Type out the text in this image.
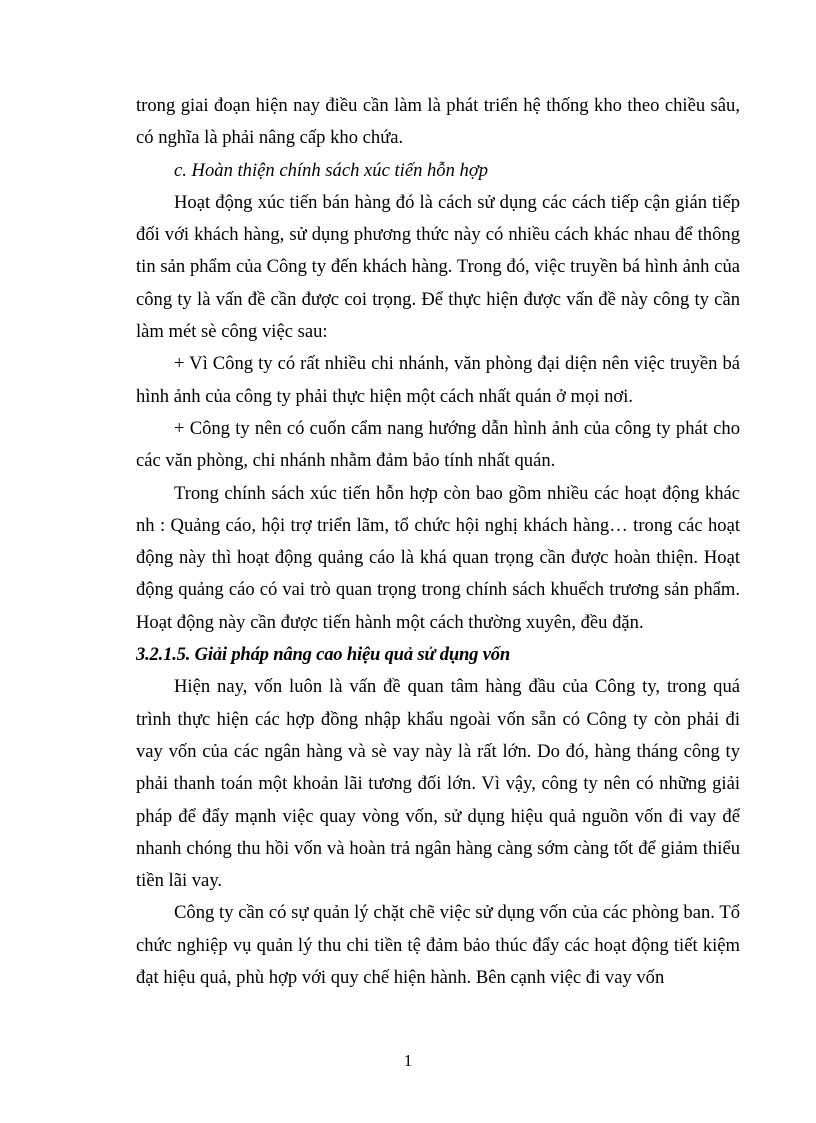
trong giai đoạn hiện nay điều cần làm là phát triển hệ thống kho theo chiều sâu, có nghĩa là phải nâng cấp kho chứa.

c. Hoàn thiện chính sách xúc tiến hỗn hợp

Hoạt động xúc tiến bán hàng đó là cách sử dụng các cách tiếp cận gián tiếp đối với khách hàng, sử dụng phương thức này có nhiều cách khác nhau để thông tin sản phẩm của Công ty đến khách hàng. Trong đó, việc truyền bá hình ảnh của công ty là vấn đề cần được coi trọng. Để thực hiện được vấn đề này công ty cần làm mét sè công việc sau:

+ Vì Công ty có rất nhiều chi nhánh, văn phòng đại diện nên việc truyền bá hình ảnh của công ty phải thực hiện một cách nhất quán ở mọi nơi.

+ Công ty nên có cuốn cẩm nang hướng dẫn hình ảnh của công ty phát cho các văn phòng, chi nhánh nhằm đảm bảo tính nhất quán.

Trong chính sách xúc tiến hỗn hợp còn bao gồm nhiều các hoạt động khác nh : Quảng cáo, hội trợ triển lãm, tổ chức hội nghị khách hàng… trong các hoạt động này thì hoạt động quảng cáo là khá quan trọng cần được hoàn thiện. Hoạt động quảng cáo có vai trò quan trọng trong chính sách khuếch trương sản phẩm. Hoạt động này cần được tiến hành một cách thường xuyên, đều đặn.

3.2.1.5. Giải pháp nâng cao hiệu quả sử dụng vốn

Hiện nay, vốn luôn là vấn đề quan tâm hàng đầu của Công ty, trong quá trình thực hiện các hợp đồng nhập khẩu ngoài vốn sẵn có Công ty còn phải đi vay vốn của các ngân hàng và sè vay này là rất lớn. Do đó, hàng tháng công ty phải thanh toán một khoản lãi tương đối lớn. Vì vậy, công ty nên có những giải pháp để đẩy mạnh việc quay vòng vốn, sử dụng hiệu quả nguồn vốn đi vay để nhanh chóng thu hồi vốn và hoàn trả ngân hàng càng sớm càng tốt để giảm thiểu tiền lãi vay.

Công ty cần có sự quản lý chặt chẽ việc sử dụng vốn của các phòng ban. Tổ chức nghiệp vụ quản lý thu chi tiền tệ đảm bảo thúc đẩy các hoạt động tiết kiệm đạt hiệu quả, phù hợp với quy chế hiện hành. Bên cạnh việc đi vay vốn

1
